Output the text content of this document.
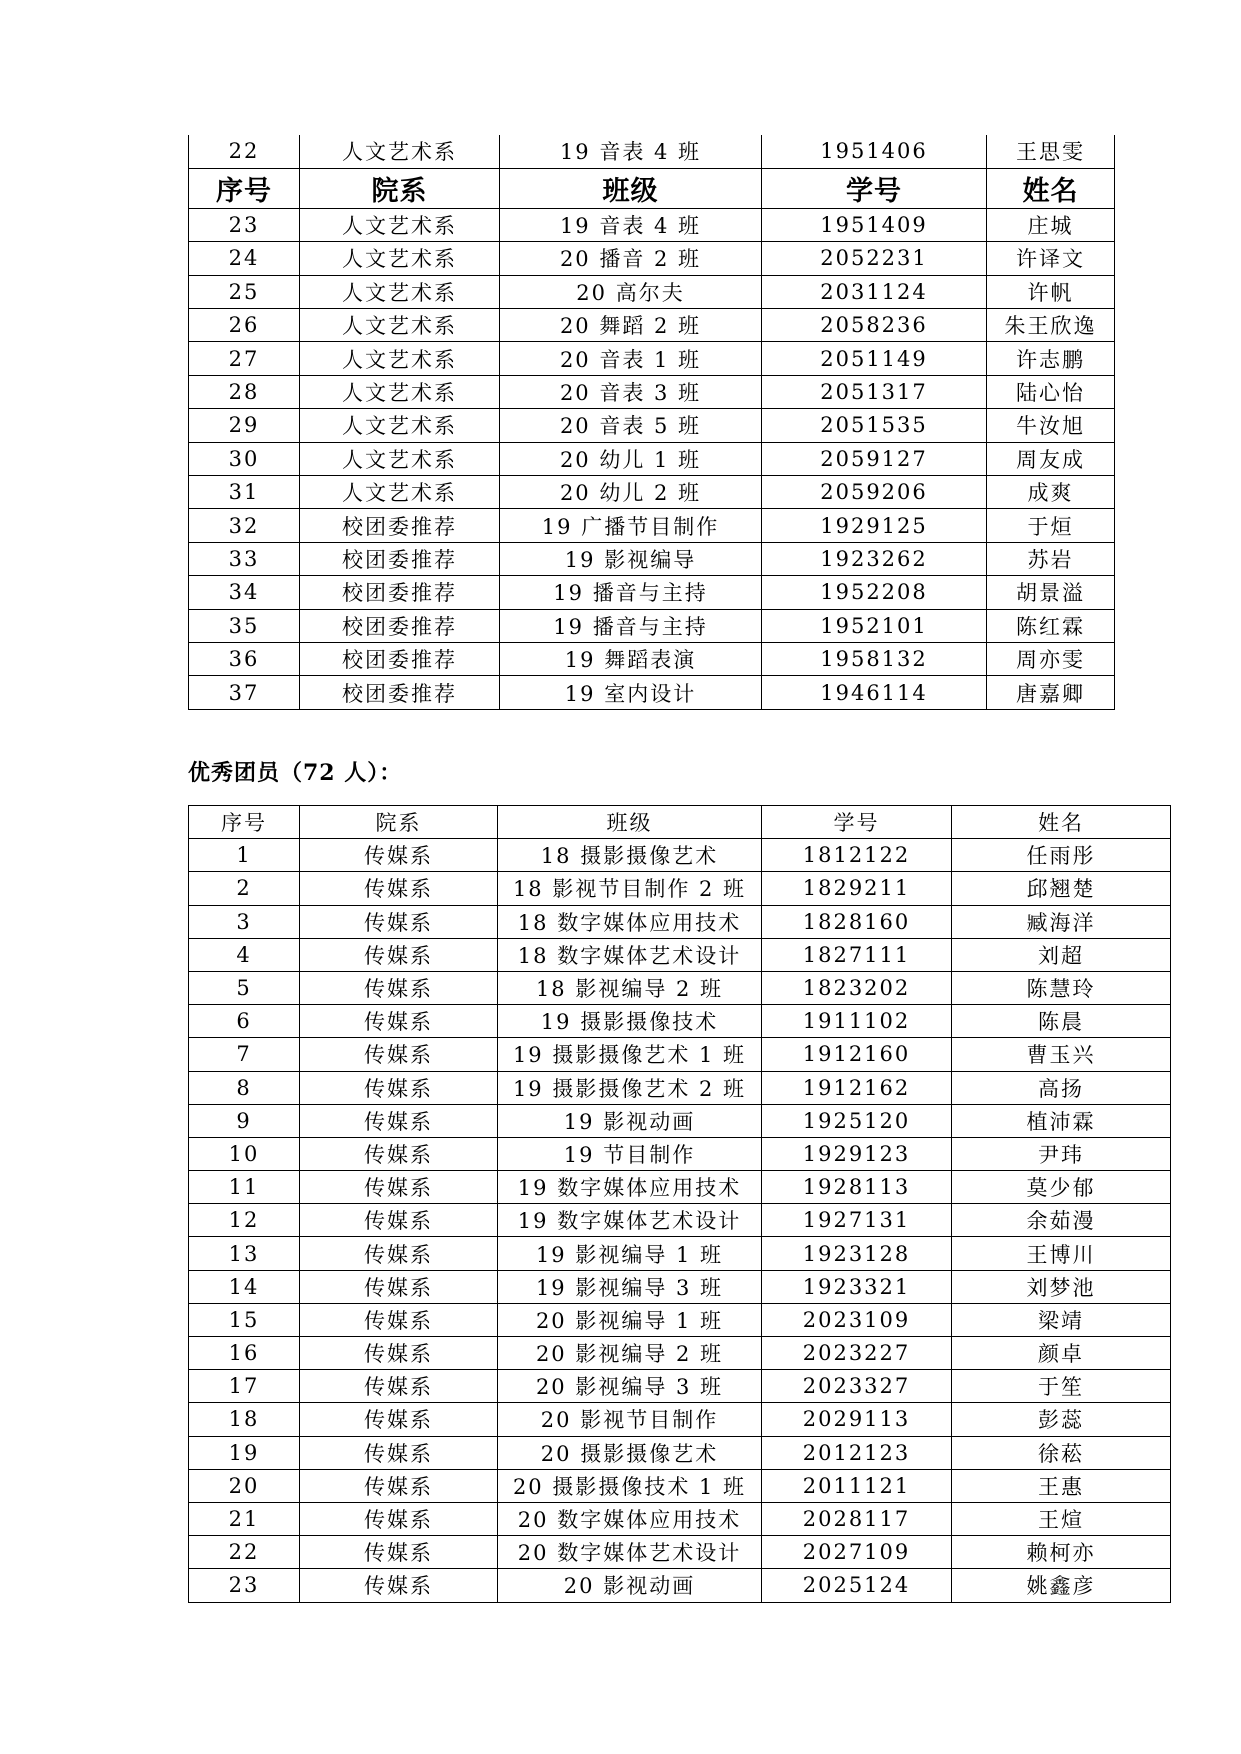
22	人文艺术系	19 音表 4 班	1951406	王思雯
序号	院系	班级	学号	姓名
23	人文艺术系	19 音表 4 班	1951409	庄城
24	人文艺术系	20 播音 2 班	2052231	许译文
25	人文艺术系	20 高尔夫	2031124	许帆
26	人文艺术系	20 舞蹈 2 班	2058236	朱王欣逸
27	人文艺术系	20 音表 1 班	2051149	许志鹏
28	人文艺术系	20 音表 3 班	2051317	陆心怡
29	人文艺术系	20 音表 5 班	2051535	牛汝旭
30	人文艺术系	20 幼儿 1 班	2059127	周友成
31	人文艺术系	20 幼儿 2 班	2059206	成爽
32	校团委推荐	19 广播节目制作	1929125	于烜
33	校团委推荐	19 影视编导	1923262	苏岩
34	校团委推荐	19 播音与主持	1952208	胡景溢
35	校团委推荐	19 播音与主持	1952101	陈红霖
36	校团委推荐	19 舞蹈表演	1958132	周亦雯
37	校团委推荐	19 室内设计	1946114	唐嘉卿
优秀团员（72 人）：
序号	院系	班级	学号	姓名
1	传媒系	18 摄影摄像艺术	1812122	任雨彤
2	传媒系	18 影视节目制作 2 班	1829211	邱翘楚
3	传媒系	18 数字媒体应用技术	1828160	臧海洋
4	传媒系	18 数字媒体艺术设计	1827111	刘超
5	传媒系	18 影视编导 2 班	1823202	陈慧玲
6	传媒系	19 摄影摄像技术	1911102	陈晨
7	传媒系	19 摄影摄像艺术 1 班	1912160	曹玉兴
8	传媒系	19 摄影摄像艺术 2 班	1912162	高扬
9	传媒系	19 影视动画	1925120	植沛霖
10	传媒系	19 节目制作	1929123	尹玮
11	传媒系	19 数字媒体应用技术	1928113	莫少郁
12	传媒系	19 数字媒体艺术设计	1927131	余茹漫
13	传媒系	19 影视编导 1 班	1923128	王博川
14	传媒系	19 影视编导 3 班	1923321	刘梦池
15	传媒系	20 影视编导 1 班	2023109	梁靖
16	传媒系	20 影视编导 2 班	2023227	颜卓
17	传媒系	20 影视编导 3 班	2023327	于笙
18	传媒系	20 影视节目制作	2029113	彭蕊
19	传媒系	20 摄影摄像艺术	2012123	徐菘
20	传媒系	20 摄影摄像技术 1 班	2011121	王惠
21	传媒系	20 数字媒体应用技术	2028117	王煊
22	传媒系	20 数字媒体艺术设计	2027109	赖柯亦
23	传媒系	20 影视动画	2025124	姚鑫彦
